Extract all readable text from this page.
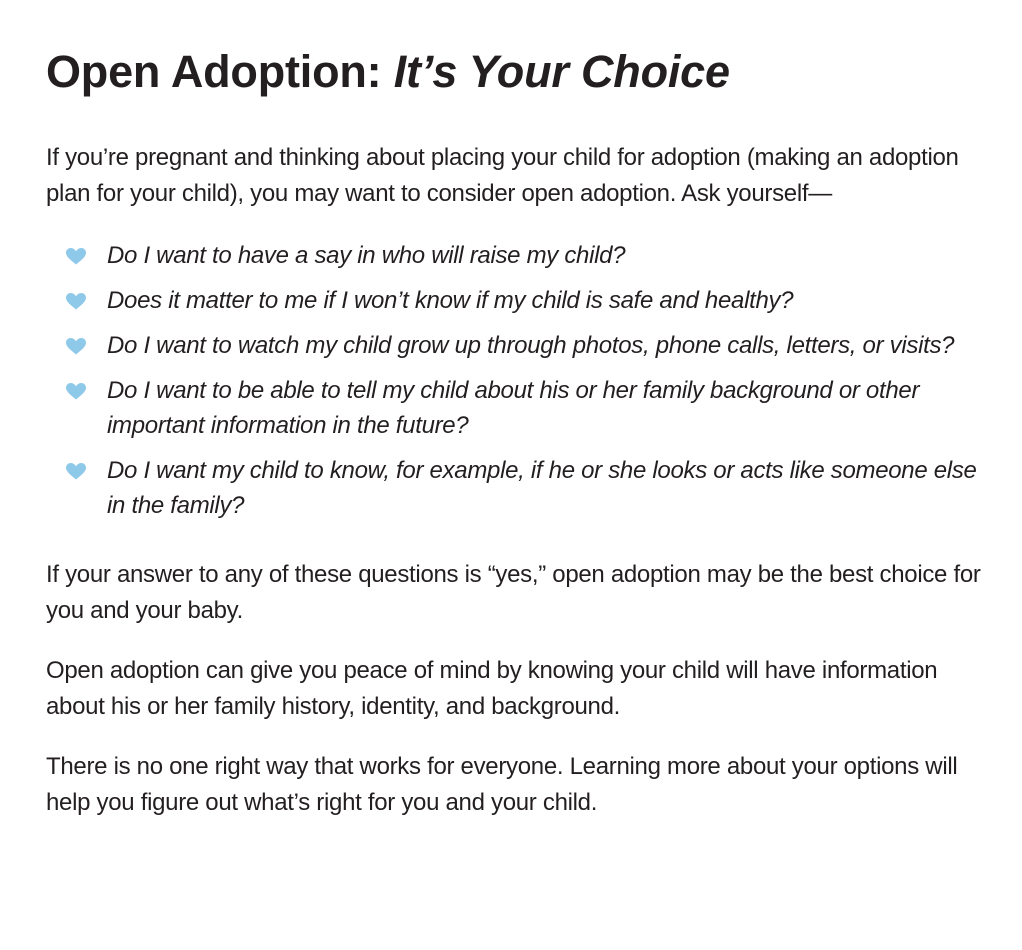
Open Adoption: It’s Your Choice

If you’re pregnant and thinking about placing your child for adoption (making an adoption plan for your child), you may want to consider open adoption. Ask yourself—

Do I want to have a say in who will raise my child?
Does it matter to me if I won’t know if my child is safe and healthy?
Do I want to watch my child grow up through photos, phone calls, letters, or visits?
Do I want to be able to tell my child about his or her family background or other important information in the future?
Do I want my child to know, for example, if he or she looks or acts like someone else in the family?

If your answer to any of these questions is “yes,” open adoption may be the best choice for you and your baby.

Open adoption can give you peace of mind by knowing your child will have information about his or her family history, identity, and background.

There is no one right way that works for everyone. Learning more about your options will help you figure out what’s right for you and your child.
